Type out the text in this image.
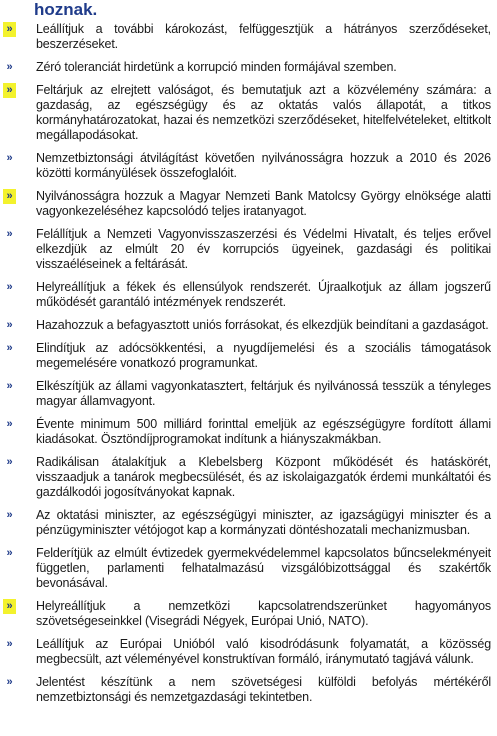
hoznak.
» Leállítjuk a további károkozást, felfüggesztjük a hátrányos szerződéseket, beszerzéseket.
» Zéró toleranciát hirdetünk a korrupció minden formájával szemben.
» Feltárjuk az elrejtett valóságot, és bemutatjuk azt a közvélemény számára: a gazdaság, az egészségügy és az oktatás valós állapotát, a titkos kormányhatározatokat, hazai és nemzetközi szerződéseket, hitelfelvételeket, eltitkolt megállapodásokat.
» Nemzetbiztonsági átvilágítást követően nyilvánosságra hozzuk a 2010 és 2026 közötti kormányülések összefoglalóit.
» Nyilvánosságra hozzuk a Magyar Nemzeti Bank Matolcsy György elnöksége alatti vagyonkezeléséhez kapcsolódó teljes iratanyagot.
» Felállítjuk a Nemzeti Vagyonvisszaszerzési és Védelmi Hivatalt, és teljes erővel elkezdjük az elmúlt 20 év korrupciós ügyeinek, gazdasági és politikai visszaéléseinek a feltárását.
» Helyreállítjuk a fékek és ellensúlyok rendszerét. Újraalkotjuk az állam jogszerű működését garantáló intézmények rendszerét.
» Hazahozzuk a befagyasztott uniós forrásokat, és elkezdjük beindítani a gazdaságot.
» Elindítjuk az adócsökkentési, a nyugdíjemelési és a szociális támogatások megemelésére vonatkozó programunkat.
» Elkészítjük az állami vagyonkataszter​t, feltárjuk és nyilvánossá tesszük a tényleges magyar államvagyont.
» Évente minimum 500 milliárd forinttal emeljük az egészségügyre fordított állami kiadásokat. Ösztöndíjprogramokat indítunk a hiányszakmákban.
» Radikálisan átalakítjuk a Klebelsberg Központ működését és hatáskörét, visszaadjuk a tanárok megbecsülését, és az iskolaigazgatók érdemi munkáltatói és gazdálkodói jogosítványokat kapnak.
» Az oktatási miniszter, az egészségügyi miniszter, az igazságügyi miniszter és a pénzügyminiszter vétójogot kap a kormányzati döntéshozatali mechanizmusban.
» Felderítjük az elmúlt évtizedek gyermekvédelemmel kapcsolatos bűncselekményeit független, parlamenti felhatalmazású vizsgálóbizottsággal és szakértők bevonásával.
» Helyreállítjuk a nemzetközi kapcsolatrendszerünket hagyományos szövetségeseinkkel (Visegrádi Négyek, Európai Unió, NATO).
» Leállítjuk az Európai Unióból való kisodródásunk folyamatát, a közösség megbecsült, azt véleményével konstruktívan formáló, iránymutató tagjává válunk.
» Jelentést készítünk a nem szövetségesi külföldi befolyás mértékéről nemzetbiztonsági és nemzetgazdasági tekintetben.
